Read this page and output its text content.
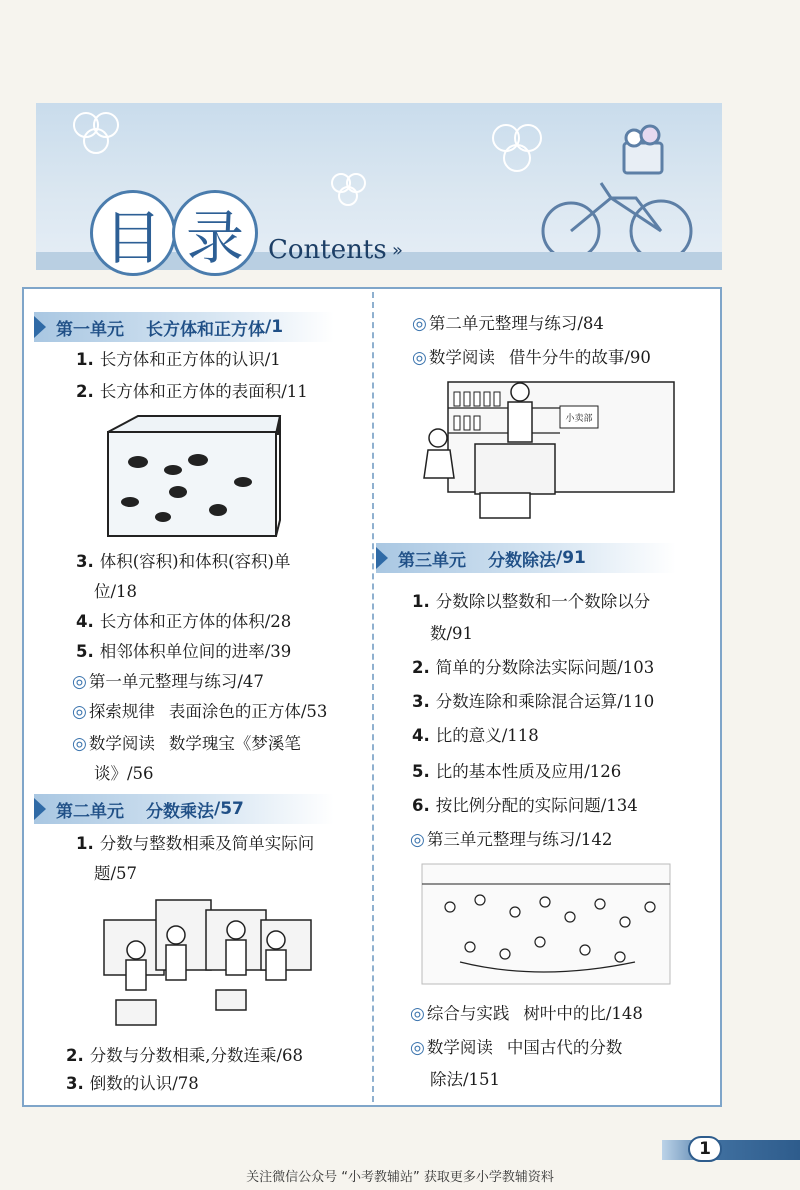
目 录 Contents »
第一单元 长方体和正方体 /1
1. 长方体和正方体的认识/1
2. 长方体和正方体的表面积/11
3. 体积(容积)和体积(容积)单
位/18
4. 长方体和正方体的体积/28
5. 相邻体积单位间的进率/39
◎ 第一单元整理与练习/47
◎ 探索规律 表面涂色的正方体/53
◎ 数学阅读 数学瑰宝《梦溪笔
谈》/56
第二单元 分数乘法 /57
1. 分数与整数相乘及简单实际问
题/57
2. 分数与分数相乘,分数连乘/68
3. 倒数的认识/78
◎ 第二单元整理与练习/84
◎ 数学阅读 借牛分牛的故事/90
小卖部
第三单元 分数除法 /91
1. 分数除以整数和一个数除以分
数/91
2. 简单的分数除法实际问题/103
3. 分数连除和乘除混合运算/110
4. 比的意义/118
5. 比的基本性质及应用/126
6. 按比例分配的实际问题/134
◎ 第三单元整理与练习/142
◎ 综合与实践 树叶中的比/148
◎ 数学阅读 中国古代的分数
除法/151
1
关注微信公众号 “小考教辅站” 获取更多小学教辅资料
